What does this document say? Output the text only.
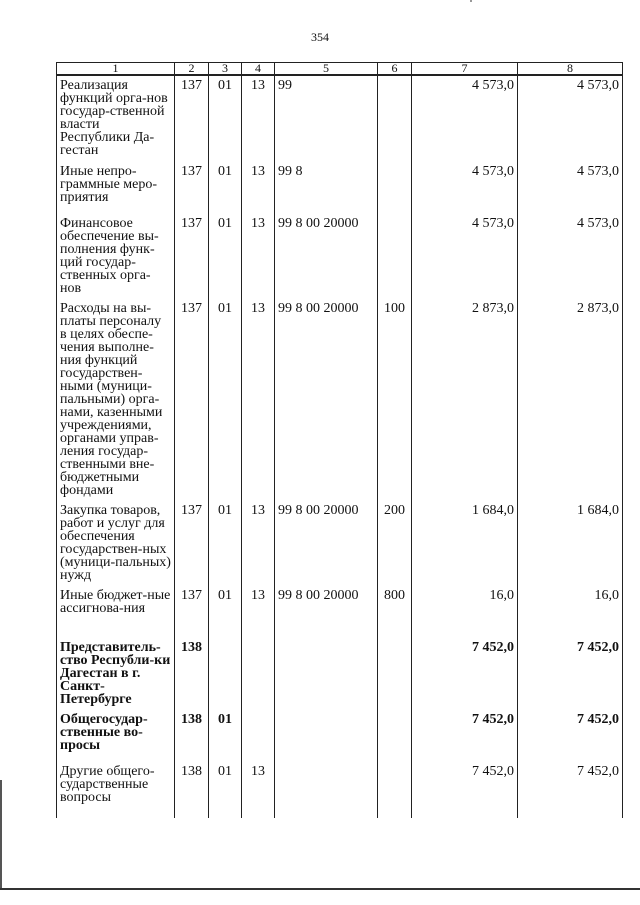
354
1	2	3	4	5	6	7	8
Реализация функций орга-нов государ-ственной власти Республики Да-гестан	137	01	13	99		4 573,0	4 573,0
Иные непро-граммные меро-приятия	137	01	13	99 8		4 573,0	4 573,0
Финансовое обеспечение вы-полнения функ-ций государ-ственных орга-нов	137	01	13	99 8 00 20000		4 573,0	4 573,0
Расходы на вы-платы персоналу в целях обеспе-чения выполне-ния функций государствен-ными (муници-пальными) орга-нами, казенными учреждениями, органами управ-ления государ-ственными вне-бюджетными фондами	137	01	13	99 8 00 20000	100	2 873,0	2 873,0
Закупка товаров, работ и услуг для обеспечения государствен-ных (муници-пальных) нужд	137	01	13	99 8 00 20000	200	1 684,0	1 684,0
Иные бюджет-ные ассигнова-ния	137	01	13	99 8 00 20000	800	16,0	16,0
Представитель-ство Республи-ки Дагестан в г. Санкт-Петербурге	138					7 452,0	7 452,0
Общегосудар-ственные во-просы	138	01				7 452,0	7 452,0
Другие общего-сударственные вопросы	138	01	13			7 452,0	7 452,0
